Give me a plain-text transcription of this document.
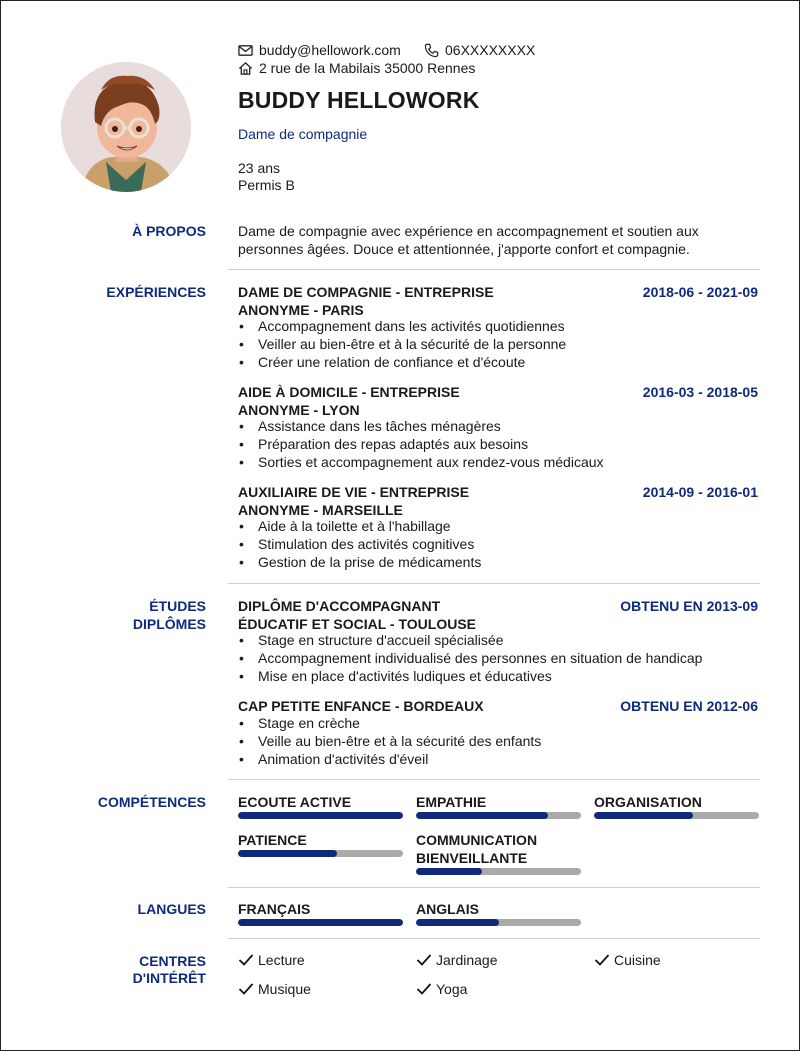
buddy@hellowork.com	06XXXXXXXX
2 rue de la Mabilais 35000 Rennes
BUDDY HELLOWORK
Dame de compagnie
23 ans
Permis B
À PROPOS Dame de compagnie avec expérience en accompagnement et soutien aux
personnes âgées. Douce et attentionnée, j'apporte confort et compagnie.
EXPÉRIENCES DAME DE COMPAGNIE - ENTREPRISE	2018-06 - 2021-09
ANONYME - PARIS
• Accompagnement dans les activités quotidiennes
• Veiller au bien-être et à la sécurité de la personne
• Créer une relation de confiance et d'écoute
AIDE À DOMICILE - ENTREPRISE	2016-03 - 2018-05
ANONYME - LYON
• Assistance dans les tâches ménagères
• Préparation des repas adaptés aux besoins
• Sorties et accompagnement aux rendez-vous médicaux
AUXILIAIRE DE VIE - ENTREPRISE	2014-09 - 2016-01
ANONYME - MARSEILLE
• Aide à la toilette et à l'habillage
• Stimulation des activités cognitives
• Gestion de la prise de médicaments
ÉTUDES
DIPLÔMES
DIPLÔME D'ACCOMPAGNANT	OBTENU EN 2013-09
ÉDUCATIF ET SOCIAL - TOULOUSE
• Stage en structure d'accueil spécialisée
• Accompagnement individualisé des personnes en situation de handicap
• Mise en place d'activités ludiques et éducatives
CAP PETITE ENFANCE - BORDEAUX	OBTENU EN 2012-06
• Stage en crèche
• Veille au bien-être et à la sécurité des enfants
• Animation d'activités d'éveil
COMPÉTENCES ECOUTE ACTIVE	EMPATHIE	ORGANISATION
PATIENCE	COMMUNICATION
BIENVEILLANTE
LANGUES FRANÇAIS	ANGLAIS
CENTRES
D'INTÉRÊT
Lecture	Jardinage	Cuisine
Musique	Yoga
